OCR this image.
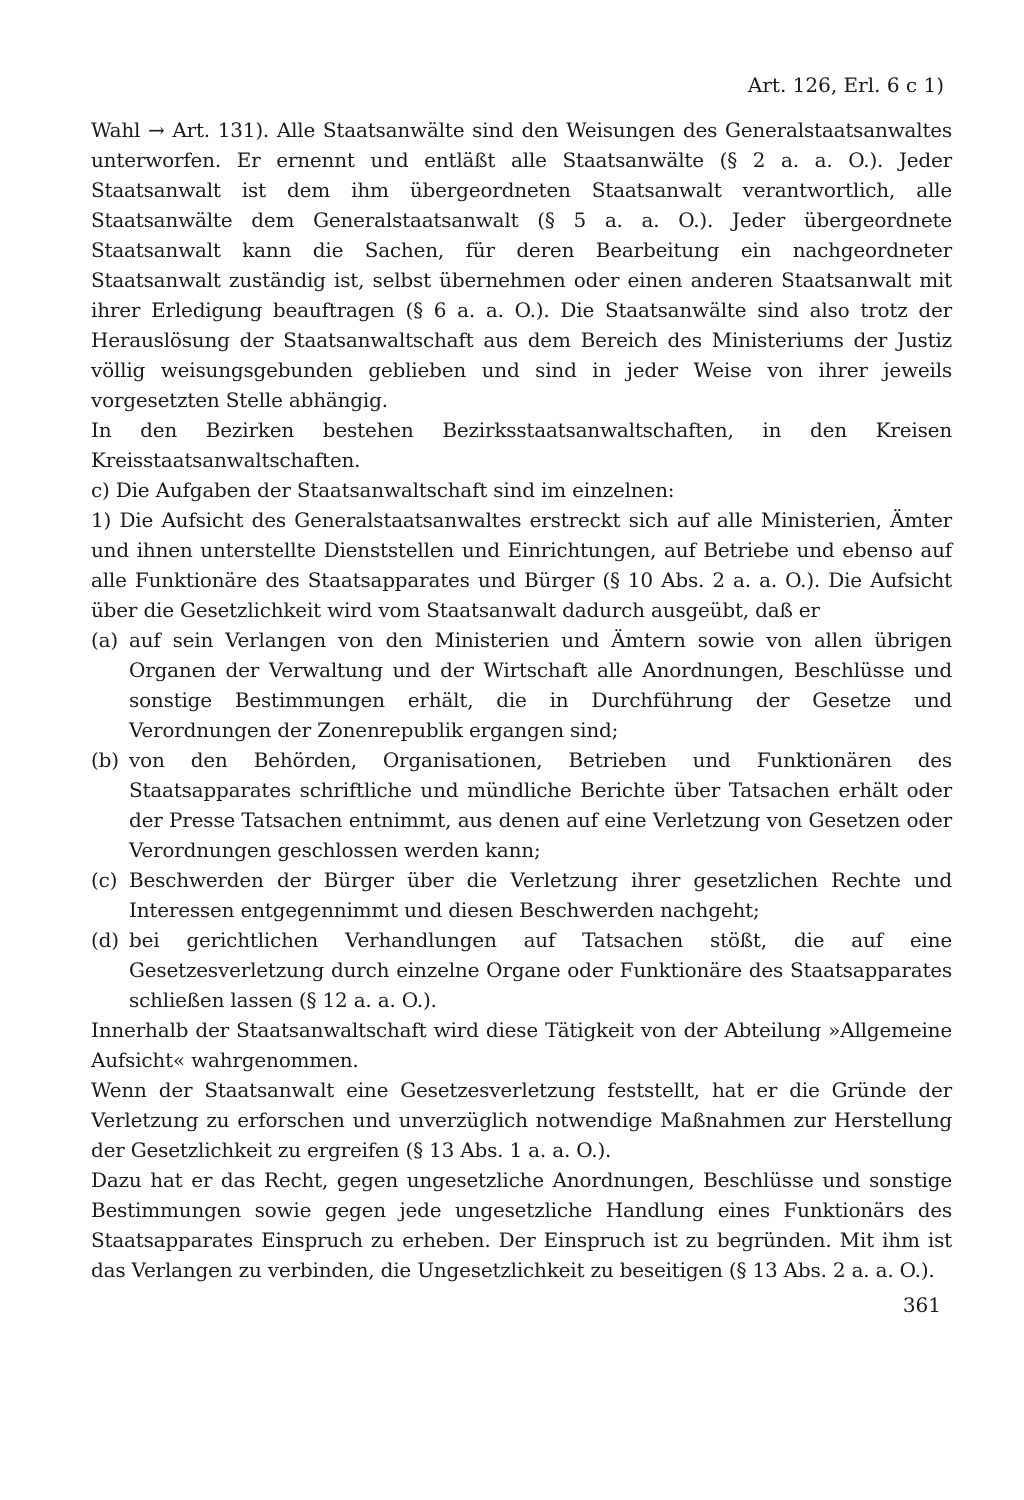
Art. 126, Erl. 6 c 1)

Wahl → Art. 131). Alle Staatsanwälte sind den Weisungen des Generalstaatsanwaltes unterworfen. Er ernennt und entläßt alle Staatsanwälte (§ 2 a. a. O.). Jeder Staatsanwalt ist dem ihm übergeordneten Staatsanwalt verantwortlich, alle Staatsanwälte dem Generalstaatsanwalt (§ 5 a. a. O.). Jeder übergeordnete Staatsanwalt kann die Sachen, für deren Bearbeitung ein nachgeordneter Staatsanwalt zuständig ist, selbst übernehmen oder einen anderen Staatsanwalt mit ihrer Erledigung beauftragen (§ 6 a. a. O.). Die Staatsanwälte sind also trotz der Herauslösung der Staatsanwaltschaft aus dem Bereich des Ministeriums der Justiz völlig weisungsgebunden geblieben und sind in jeder Weise von ihrer jeweils vorgesetzten Stelle abhängig.

In den Bezirken bestehen Bezirksstaatsanwaltschaften, in den Kreisen Kreisstaatsanwaltschaften.

c) Die Aufgaben der Staatsanwaltschaft sind im einzelnen:

1) Die Aufsicht des Generalstaatsanwaltes erstreckt sich auf alle Ministerien, Ämter und ihnen unterstellte Dienststellen und Einrichtungen, auf Betriebe und ebenso auf alle Funktionäre des Staatsapparates und Bürger (§ 10 Abs. 2 a. a. O.). Die Aufsicht über die Gesetzlichkeit wird vom Staatsanwalt dadurch ausgeübt, daß er

(a) auf sein Verlangen von den Ministerien und Ämtern sowie von allen übrigen Organen der Verwaltung und der Wirtschaft alle Anordnungen, Beschlüsse und sonstige Bestimmungen erhält, die in Durchführung der Gesetze und Verordnungen der Zonenrepublik ergangen sind;
(b) von den Behörden, Organisationen, Betrieben und Funktionären des Staatsapparates schriftliche und mündliche Berichte über Tatsachen erhält oder der Presse Tatsachen entnimmt, aus denen auf eine Verletzung von Gesetzen oder Verordnungen geschlossen werden kann;
(c) Beschwerden der Bürger über die Verletzung ihrer gesetzlichen Rechte und Interessen entgegennimmt und diesen Beschwerden nachgeht;
(d) bei gerichtlichen Verhandlungen auf Tatsachen stößt, die auf eine Gesetzesverletzung durch einzelne Organe oder Funktionäre des Staatsapparates schließen lassen (§ 12 a. a. O.).

Innerhalb der Staatsanwaltschaft wird diese Tätigkeit von der Abteilung »Allgemeine Aufsicht« wahrgenommen.

Wenn der Staatsanwalt eine Gesetzesverletzung feststellt, hat er die Gründe der Verletzung zu erforschen und unverzüglich notwendige Maßnahmen zur Herstellung der Gesetzlichkeit zu ergreifen (§ 13 Abs. 1 a. a. O.).

Dazu hat er das Recht, gegen ungesetzliche Anordnungen, Beschlüsse und sonstige Bestimmungen sowie gegen jede ungesetzliche Handlung eines Funktionärs des Staatsapparates Einspruch zu erheben. Der Einspruch ist zu begründen. Mit ihm ist das Verlangen zu verbinden, die Ungesetzlichkeit zu beseitigen (§ 13 Abs. 2 a. a. O.).

361
